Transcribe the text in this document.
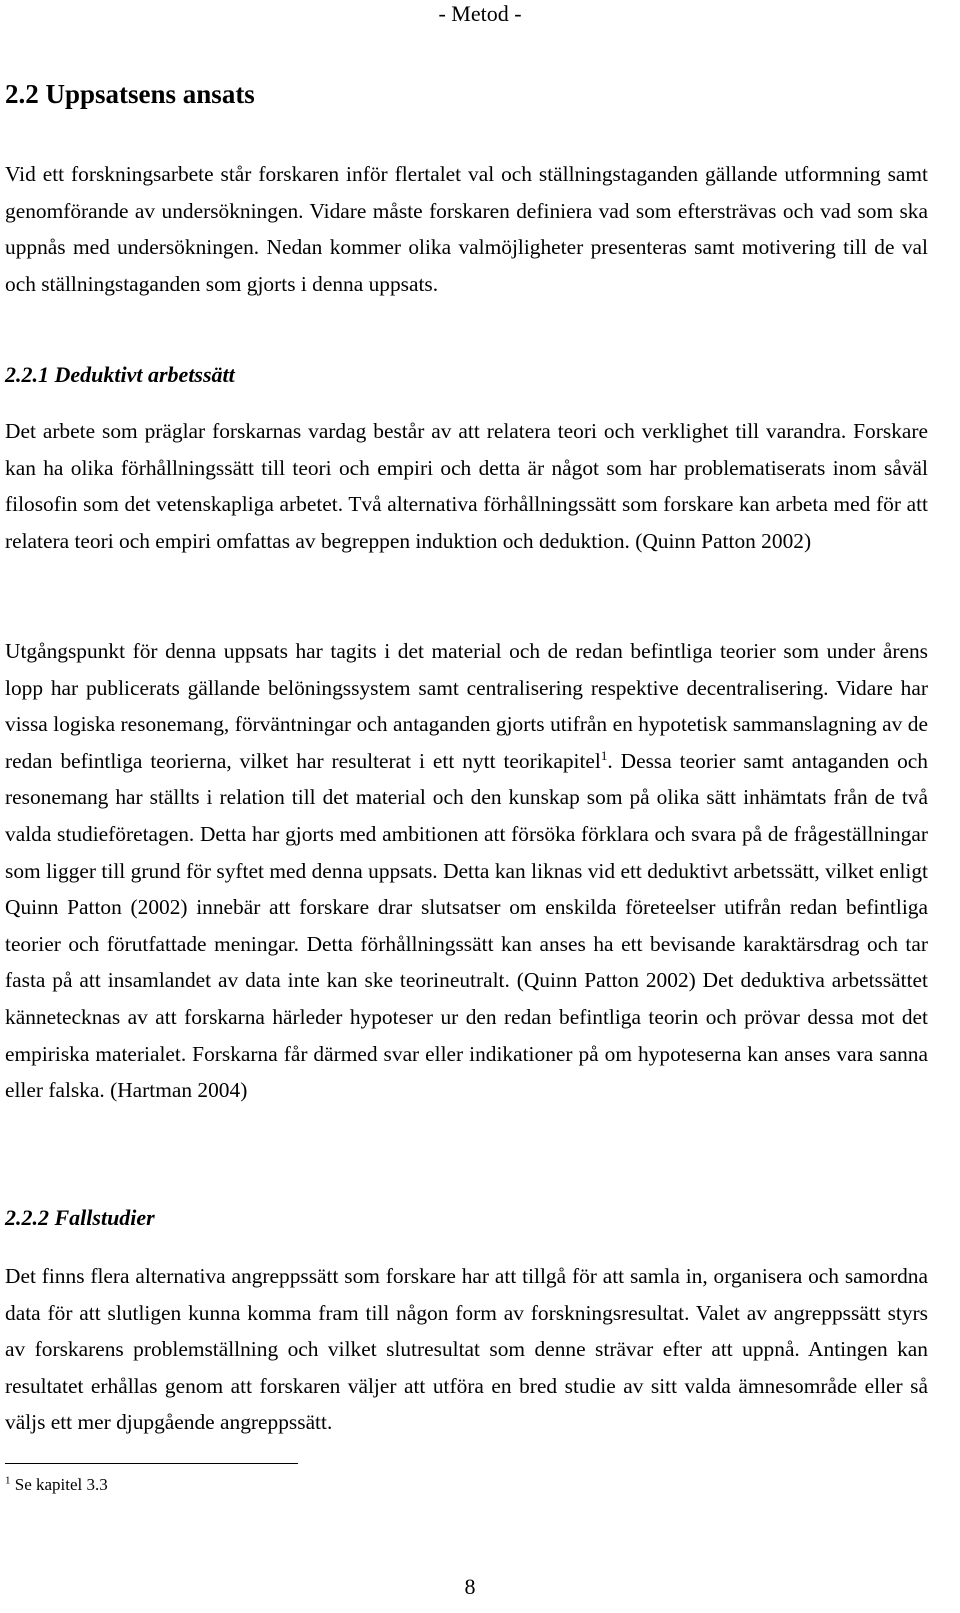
- Metod -
2.2 Uppsatsens ansats

Vid ett forskningsarbete står forskaren inför flertalet val och ställningstaganden gällande utformning samt genomförande av undersökningen. Vidare måste forskaren definiera vad som eftersträvas och vad som ska uppnås med undersökningen. Nedan kommer olika valmöjligheter presenteras samt motivering till de val och ställningstaganden som gjorts i denna uppsats.

2.2.1 Deduktivt arbetssätt

Det arbete som präglar forskarnas vardag består av att relatera teori och verklighet till varandra. Forskare kan ha olika förhållningssätt till teori och empiri och detta är något som har problematiserats inom såväl filosofin som det vetenskapliga arbetet. Två alternativa förhållningssätt som forskare kan arbeta med för att relatera teori och empiri omfattas av begreppen induktion och deduktion. (Quinn Patton 2002)

Utgångspunkt för denna uppsats har tagits i det material och de redan befintliga teorier som under årens lopp har publicerats gällande belöningssystem samt centralisering respektive decentralisering. Vidare har vissa logiska resonemang, förväntningar och antaganden gjorts utifrån en hypotetisk sammanslagning av de redan befintliga teorierna, vilket har resulterat i ett nytt teorikapitel$^1$. Dessa teorier samt antaganden och resonemang har ställts i relation till det material och den kunskap som på olika sätt inhämtats från de två valda studieföretagen. Detta har gjorts med ambitionen att försöka förklara och svara på de frågeställningar som ligger till grund för syftet med denna uppsats. Detta kan liknas vid ett deduktivt arbetssätt, vilket enligt Quinn Patton (2002) innebär att forskare drar slutsatser om enskilda företeelser utifrån redan befintliga teorier och förutfattade meningar. Detta förhållningssätt kan anses ha ett bevisande karaktärsdrag och tar fasta på att insamlandet av data inte kan ske teorineutralt. (Quinn Patton 2002) Det deduktiva arbetssättet kännetecknas av att forskarna härleder hypoteser ur den redan befintliga teorin och prövar dessa mot det empiriska materialet. Forskarna får därmed svar eller indikationer på om hypoteserna kan anses vara sanna eller falska. (Hartman 2004)

2.2.2 Fallstudier

Det finns flera alternativa angreppssätt som forskare har att tillgå för att samla in, organisera och samordna data för att slutligen kunna komma fram till någon form av forskningsresultat. Valet av angreppssätt styrs av forskarens problemställning och vilket slutresultat som denne strävar efter att uppnå. Antingen kan resultatet erhållas genom att forskaren väljer att utföra en bred studie av sitt valda ämnesområde eller så väljs ett mer djupgående angreppssätt.

$^1$ Se kapitel 3.3
8
